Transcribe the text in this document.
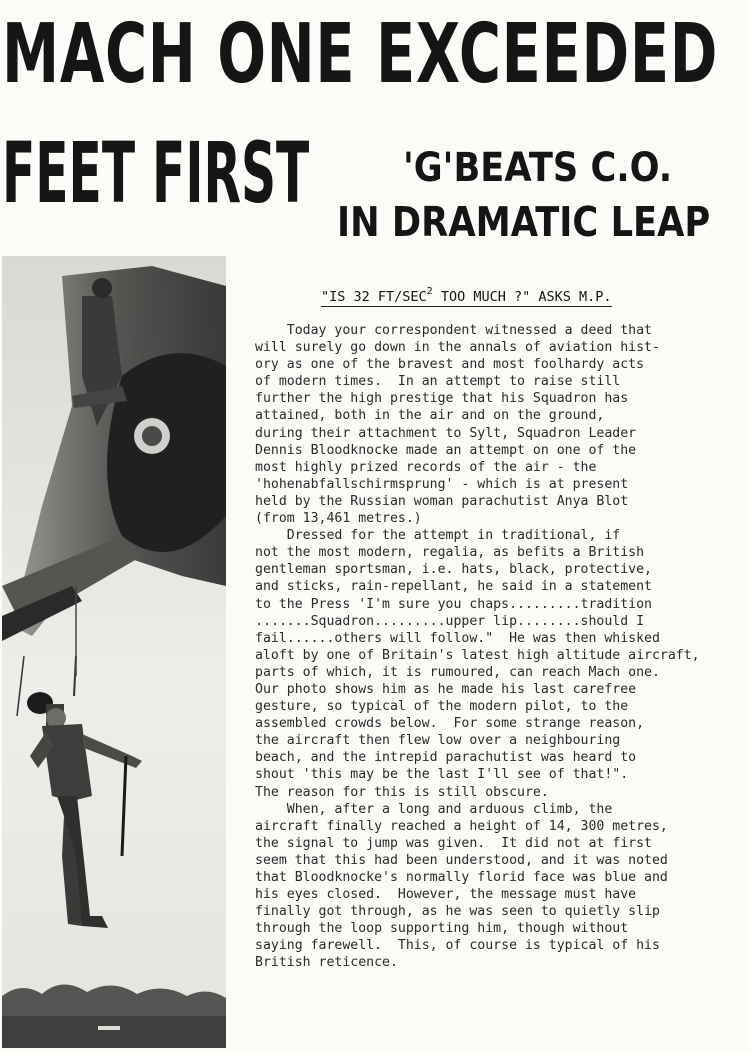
MACH ONE EXCEEDED
FEET FIRST 'G'BEATS C.O.
IN DRAMATIC LEAP
"IS 32 FT/SEC$^2$ TOO MUCH ?" ASKS M.P.
Today your correspondent witnessed a deed that
will surely go down in the annals of aviation hist-
ory as one of the bravest and most foolhardy acts
of modern times.  In an attempt to raise still
further the high prestige that his Squadron has
attained, both in the air and on the ground,
during their attachment to Sylt, Squadron Leader
Dennis Bloodknocke made an attempt on one of the
most highly prized records of the air - the
'hohenabfallschirmsprung' - which is at present
held by the Russian woman parachutist Anya Blot
(from 13,461 metres.)
Dressed for the attempt in traditional, if
not the most modern, regalia, as befits a British
gentleman sportsman, i.e. hats, black, protective,
and sticks, rain-repellant, he said in a statement
to the Press 'I'm sure you chaps.........tradition
.......Squadron.........upper lip........should I
fail......others will follow."  He was then whisked
aloft by one of Britain's latest high altitude aircraft,
parts of which, it is rumoured, can reach Mach one.
Our photo shows him as he made his last carefree
gesture, so typical of the modern pilot, to the
assembled crowds below.  For some strange reason,
the aircraft then flew low over a neighbouring
beach, and the intrepid parachutist was heard to
shout 'this may be the last I'll see of that!".
The reason for this is still obscure.
When, after a long and arduous climb, the
aircraft finally reached a height of 14, 300 metres,
the signal to jump was given.  It did not at first
seem that this had been understood, and it was noted
that Bloodknocke's normally florid face was blue and
his eyes closed.  However, the message must have
finally got through, as he was seen to quietly slip
through the loop supporting him, though without
saying farewell.  This, of course is typical of his
British reticence.
